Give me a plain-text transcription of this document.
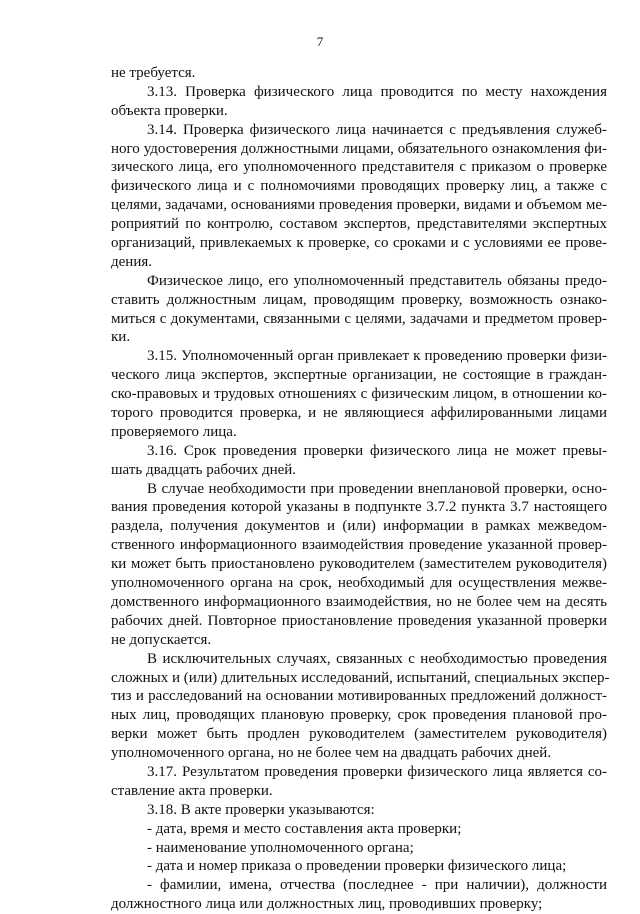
7
не требуется.
3.13. Проверка физического лица проводится по месту нахождения
объекта проверки.
3.14. Проверка физического лица начинается с предъявления служеб-
ного удостоверения должностными лицами, обязательного ознакомления фи-
зического лица, его уполномоченного представителя с приказом о проверке
физического лица и с полномочиями проводящих проверку лиц, а также с
целями, задачами, основаниями проведения проверки, видами и объемом ме-
роприятий по контролю, составом экспертов, представителями экспертных
организаций, привлекаемых к проверке, со сроками и с условиями ее прове-
дения.
Физическое лицо, его уполномоченный представитель обязаны предо-
ставить должностным лицам, проводящим проверку, возможность ознако-
миться с документами, связанными с целями, задачами и предметом провер-
ки.
3.15. Уполномоченный орган привлекает к проведению проверки физи-
ческого лица экспертов, экспертные организации, не состоящие в граждан-
ско-правовых и трудовых отношениях с физическим лицом, в отношении ко-
торого проводится проверка, и не являющиеся аффилированными лицами
проверяемого лица.
3.16. Срок проведения проверки физического лица не может превы-
шать двадцать рабочих дней.
В случае необходимости при проведении внеплановой проверки, осно-
вания проведения которой указаны в подпункте 3.7.2 пункта 3.7 настоящего
раздела, получения документов и (или) информации в рамках межведом-
ственного информационного взаимодействия проведение указанной провер-
ки может быть приостановлено руководителем (заместителем руководителя)
уполномоченного органа на срок, необходимый для осуществления межве-
домственного информационного взаимодействия, но не более чем на десять
рабочих дней. Повторное приостановление проведения указанной проверки
не допускается.
В исключительных случаях, связанных с необходимостью проведения
сложных и (или) длительных исследований, испытаний, специальных экспер-
тиз и расследований на основании мотивированных предложений должност-
ных лиц, проводящих плановую проверку, срок проведения плановой про-
верки может быть продлен руководителем (заместителем руководителя)
уполномоченного органа, но не более чем на двадцать рабочих дней.
3.17. Результатом проведения проверки физического лица является со-
ставление акта проверки.
3.18. В акте проверки указываются:
- дата, время и место составления акта проверки;
- наименование уполномоченного органа;
- дата и номер приказа о проведении проверки физического лица;
- фамилии, имена, отчества (последнее - при наличии), должности
должностного лица или должностных лиц, проводивших проверку;
